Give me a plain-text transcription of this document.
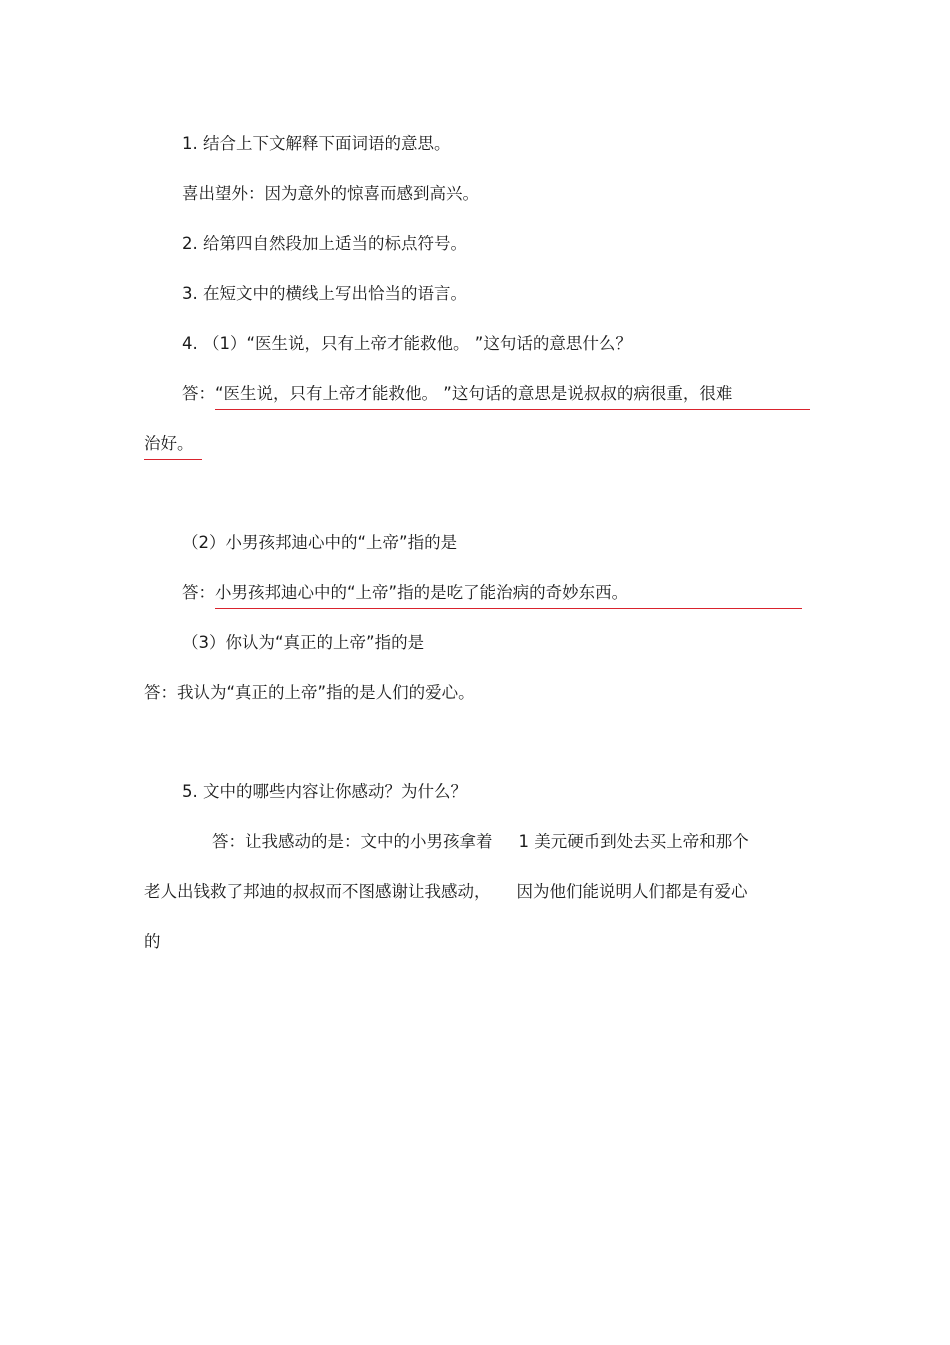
1. 结合上下文解释下面词语的意思。

喜出望外：因为意外的惊喜而感到高兴。

2. 给第四自然段加上适当的标点符号。

3. 在短文中的横线上写出恰当的语言。

4. （1）“医生说，只有上帝才能救他。 ”这句话的意思什么？

答：“医生说，只有上帝才能救他。 ”这句话的意思是说叔叔的病很重，很难

治好。

（2）小男孩邦迪心中的“上帝”指的是

答：小男孩邦迪心中的“上帝”指的是吃了能治病的奇妙东西。

（3）你认为“真正的上帝”指的是

答：我认为“真正的上帝”指的是人们的爱心。

5. 文中的哪些内容让你感动？为什么？

答：让我感动的是：文中的小男孩拿着 1 美元硬币到处去买上帝和那个

老人出钱救了邦迪的叔叔而不图感谢让我感动， 因为他们能说明人们都是有爱心

的
